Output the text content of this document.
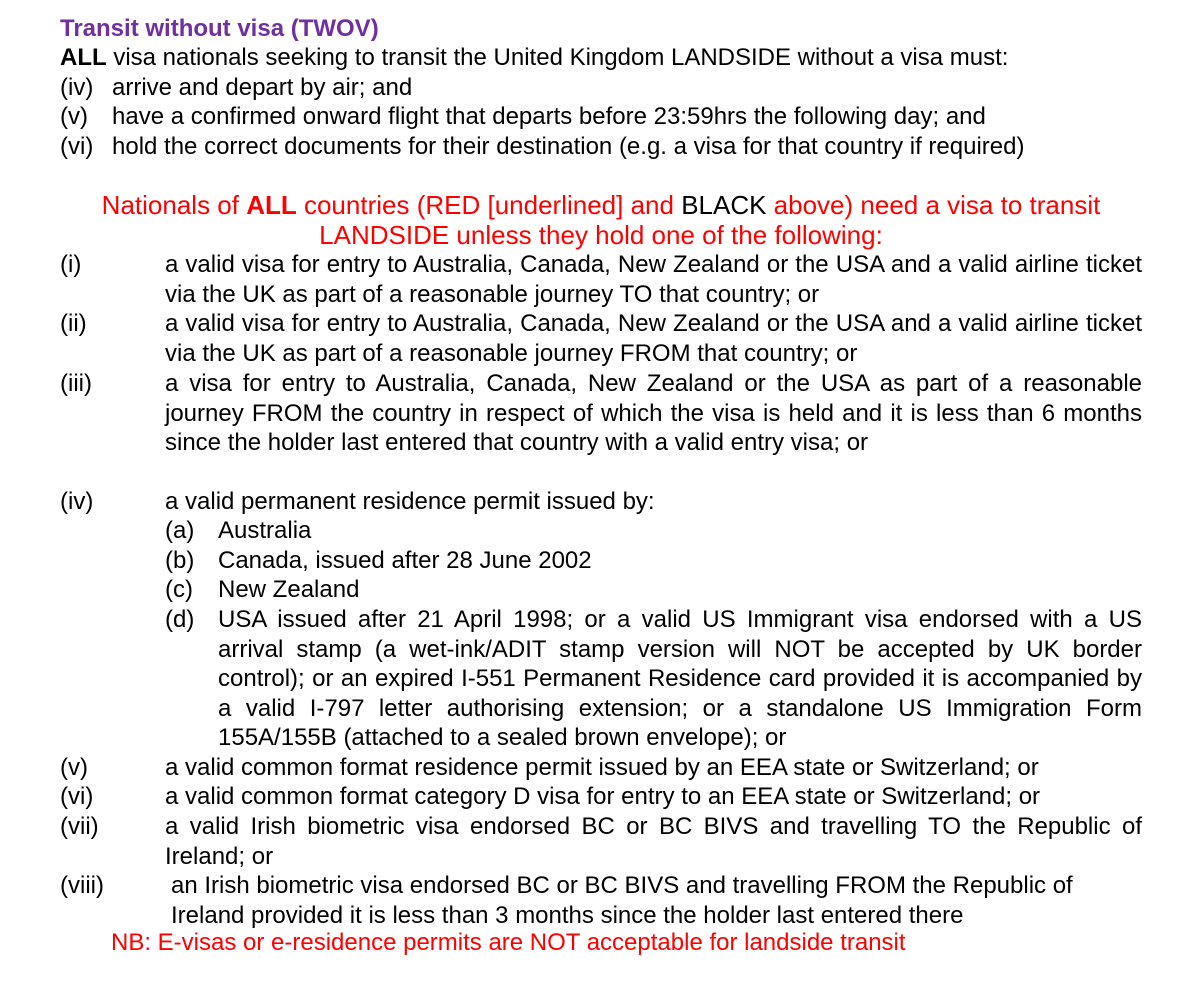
Transit without visa (TWOV)
ALL visa nationals seeking to transit the United Kingdom LANDSIDE without a visa must:
(iv) arrive and depart by air; and
(v) have a confirmed onward flight that departs before 23:59hrs the following day; and
(vi) hold the correct documents for their destination (e.g. a visa for that country if required)
Nationals of ALL countries (RED [underlined] and BLACK above) need a visa to transit LANDSIDE unless they hold one of the following:
(i)	a valid visa for entry to Australia, Canada, New Zealand or the USA and a valid airline ticket via the UK as part of a reasonable journey TO that country; or
(ii)	a valid visa for entry to Australia, Canada, New Zealand or the USA and a valid airline ticket via the UK as part of a reasonable journey FROM that country; or
(iii)	a visa for entry to Australia, Canada, New Zealand or the USA as part of a reasonable journey FROM the country in respect of which the visa is held and it is less than 6 months since the holder last entered that country with a valid entry visa; or
(iv)	a valid permanent residence permit issued by:
(a) Australia
(b) Canada, issued after 28 June 2002
(c) New Zealand
(d) USA issued after 21 April 1998; or a valid US Immigrant visa endorsed with a US arrival stamp (a wet-ink/ADIT stamp version will NOT be accepted by UK border control); or an expired I-551 Permanent Residence card provided it is accompanied by a valid I-797 letter authorising extension; or a standalone US Immigration Form 155A/155B (attached to a sealed brown envelope); or
(v)	a valid common format residence permit issued by an EEA state or Switzerland; or
(vi)	a valid common format category D visa for entry to an EEA state or Switzerland; or
(vii)	a valid Irish biometric visa endorsed BC or BC BIVS and travelling TO the Republic of Ireland; or
(viii)	an Irish biometric visa endorsed BC or BC BIVS and travelling FROM the Republic of Ireland provided it is less than 3 months since the holder last entered there
NB: E-visas or e-residence permits are NOT acceptable for landside transit
